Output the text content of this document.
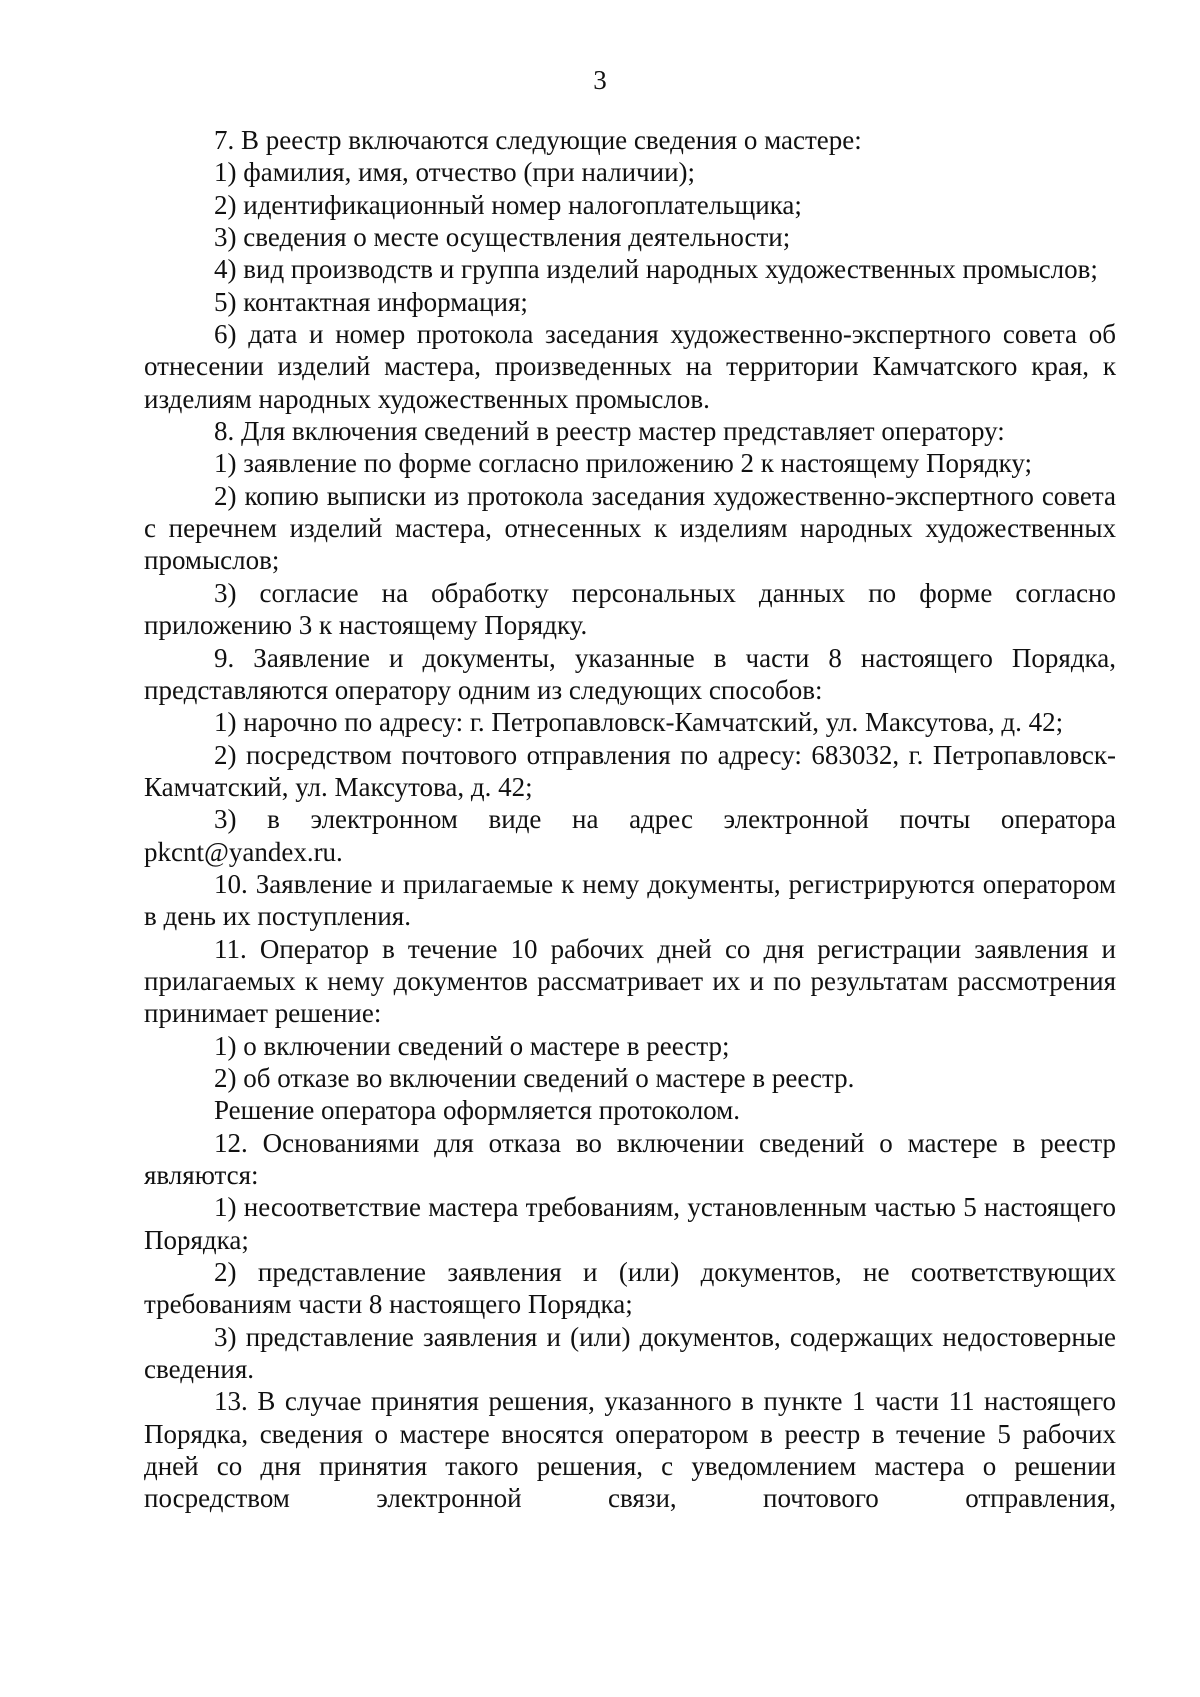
3

7. В реестр включаются следующие сведения о мастере:

1) фамилия, имя, отчество (при наличии);

2) идентификационный номер налогоплательщика;

3) сведения о месте осуществления деятельности;

4) вид производств и группа изделий народных художественных промыслов;

5) контактная информация;

6) дата и номер протокола заседания художественно-экспертного совета об отнесении изделий мастера, произведенных на территории Камчатского края, к изделиям народных художественных промыслов.

8. Для включения сведений в реестр мастер представляет оператору:

1) заявление по форме согласно приложению 2 к настоящему Порядку;

2) копию выписки из протокола заседания художественно-экспертного совета с перечнем изделий мастера, отнесенных к изделиям народных художественных промыслов;

3) согласие на обработку персональных данных по форме согласно приложению 3 к настоящему Порядку.

9. Заявление и документы, указанные в части 8 настоящего Порядка, представляются оператору одним из следующих способов:

1) нарочно по адресу: г. Петропавловск-Камчатский, ул. Максутова, д. 42;

2) посредством почтового отправления по адресу: 683032, г. Петропавловск-Камчатский, ул. Максутова, д. 42;

3) в электронном виде на адрес электронной почты оператора pkcnt@yandex.ru.

10. Заявление и прилагаемые к нему документы, регистрируются оператором в день их поступления.

11. Оператор в течение 10 рабочих дней со дня регистрации заявления и прилагаемых к нему документов рассматривает их и по результатам рассмотрения принимает решение:

1) о включении сведений о мастере в реестр;

2) об отказе во включении сведений о мастере в реестр.

Решение оператора оформляется протоколом.

12. Основаниями для отказа во включении сведений о мастере в реестр являются:

1) несоответствие мастера требованиям, установленным частью 5 настоящего Порядка;

2) представление заявления и (или) документов, не соответствующих требованиям части 8 настоящего Порядка;

3) представление заявления и (или) документов, содержащих недостоверные сведения.

13. В случае принятия решения, указанного в пункте 1 части 11 настоящего Порядка, сведения о мастере вносятся оператором в реестр в течение 5 рабочих дней со дня принятия такого решения, с уведомлением мастера о решении посредством электронной связи, почтового отправления,
